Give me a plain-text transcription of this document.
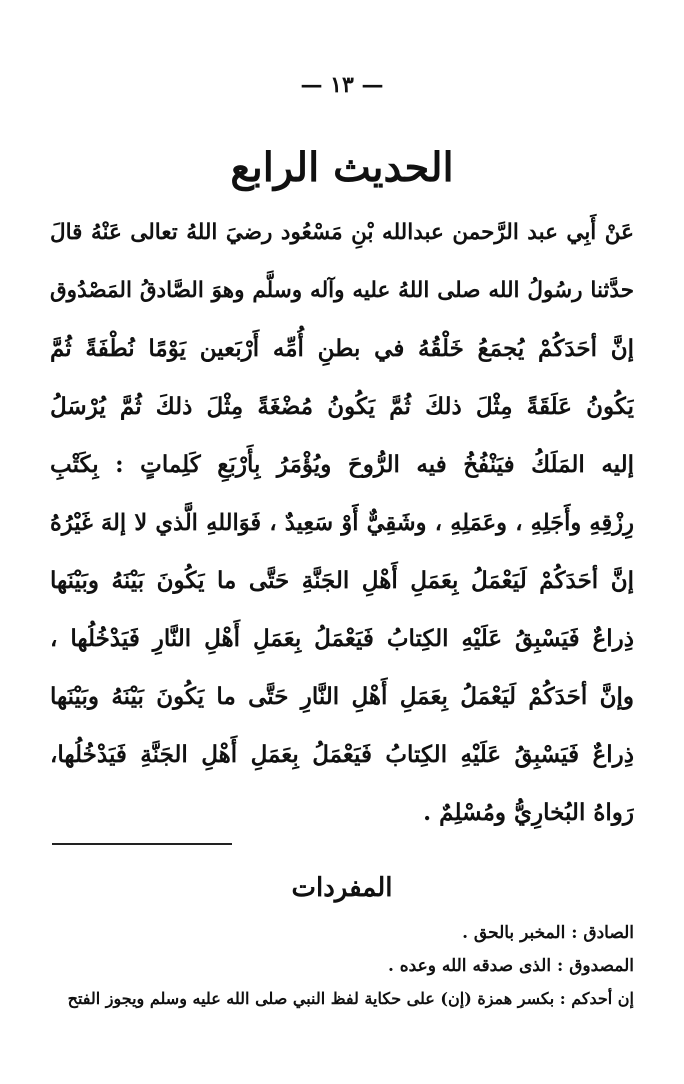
— ١٣ —
الحديث الرابع
عَنْ أَبِي عبد الرَّحمن عبدالله بْنِ مَسْعُود رضيَ اللهُ تعالى عَنْهُ قالَ
حدَّثنا رسُولُ الله صلى اللهُ عليه وآله وسلَّم وهوَ الصَّادقُ المَصْدُوق
إنَّ أحَدَكُمْ يُجمَعُ خَلْقُهُ في بطنِ أُمِّه أَرْبَعين يَوْمًا نُطْفَةً ثُمَّ
يَكُونُ عَلَقَةً مِثْلَ ذلكَ ثُمَّ يَكُونُ مُضْغَةً مِثْلَ ذلكَ ثُمَّ يُرْسَلُ
إليه المَلَكُ فيَنْفُخُ فيه الرُّوحَ ويُؤْمَرُ بِأَرْبَعِ كَلِماتٍ : بِكَتْبِ
رِزْقِهِ وأَجَلِهِ ، وعَمَلِهِ ، وشَقِيٌّ أَوْ سَعِيدٌ ، فَوَاللهِ الَّذي لا إلهَ غَيْرُهُ
إنَّ أحَدَكُمْ لَيَعْمَلُ بِعَمَلِ أَهْلِ الجَنَّةِ حَتَّى ما يَكُونَ بَيْنَهُ وبَيْنَها
ذِراعٌ فَيَسْبِقُ عَلَيْهِ الكِتابُ فَيَعْمَلُ بِعَمَلِ أَهْلِ النَّارِ فَيَدْخُلُها ،
وإنَّ أحَدَكُمْ لَيَعْمَلُ بِعَمَلِ أَهْلِ النَّارِ حَتَّى ما يَكُونَ بَيْنَهُ وبَيْنَها
ذِراعٌ فَيَسْبِقُ عَلَيْهِ الكِتابُ فَيَعْمَلُ بِعَمَلِ أَهْلِ الجَنَّةِ فَيَدْخُلُها،
رَواهُ البُخارِيُّ ومُسْلِمٌ .
المفردات
الصادق : المخبر بالحق .
المصدوق : الذى صدقه الله وعده .
إن أحدكم : بكسر همزة (إن) على حكاية لفظ النبي صلى الله عليه وسلم ويجوز الفتح
